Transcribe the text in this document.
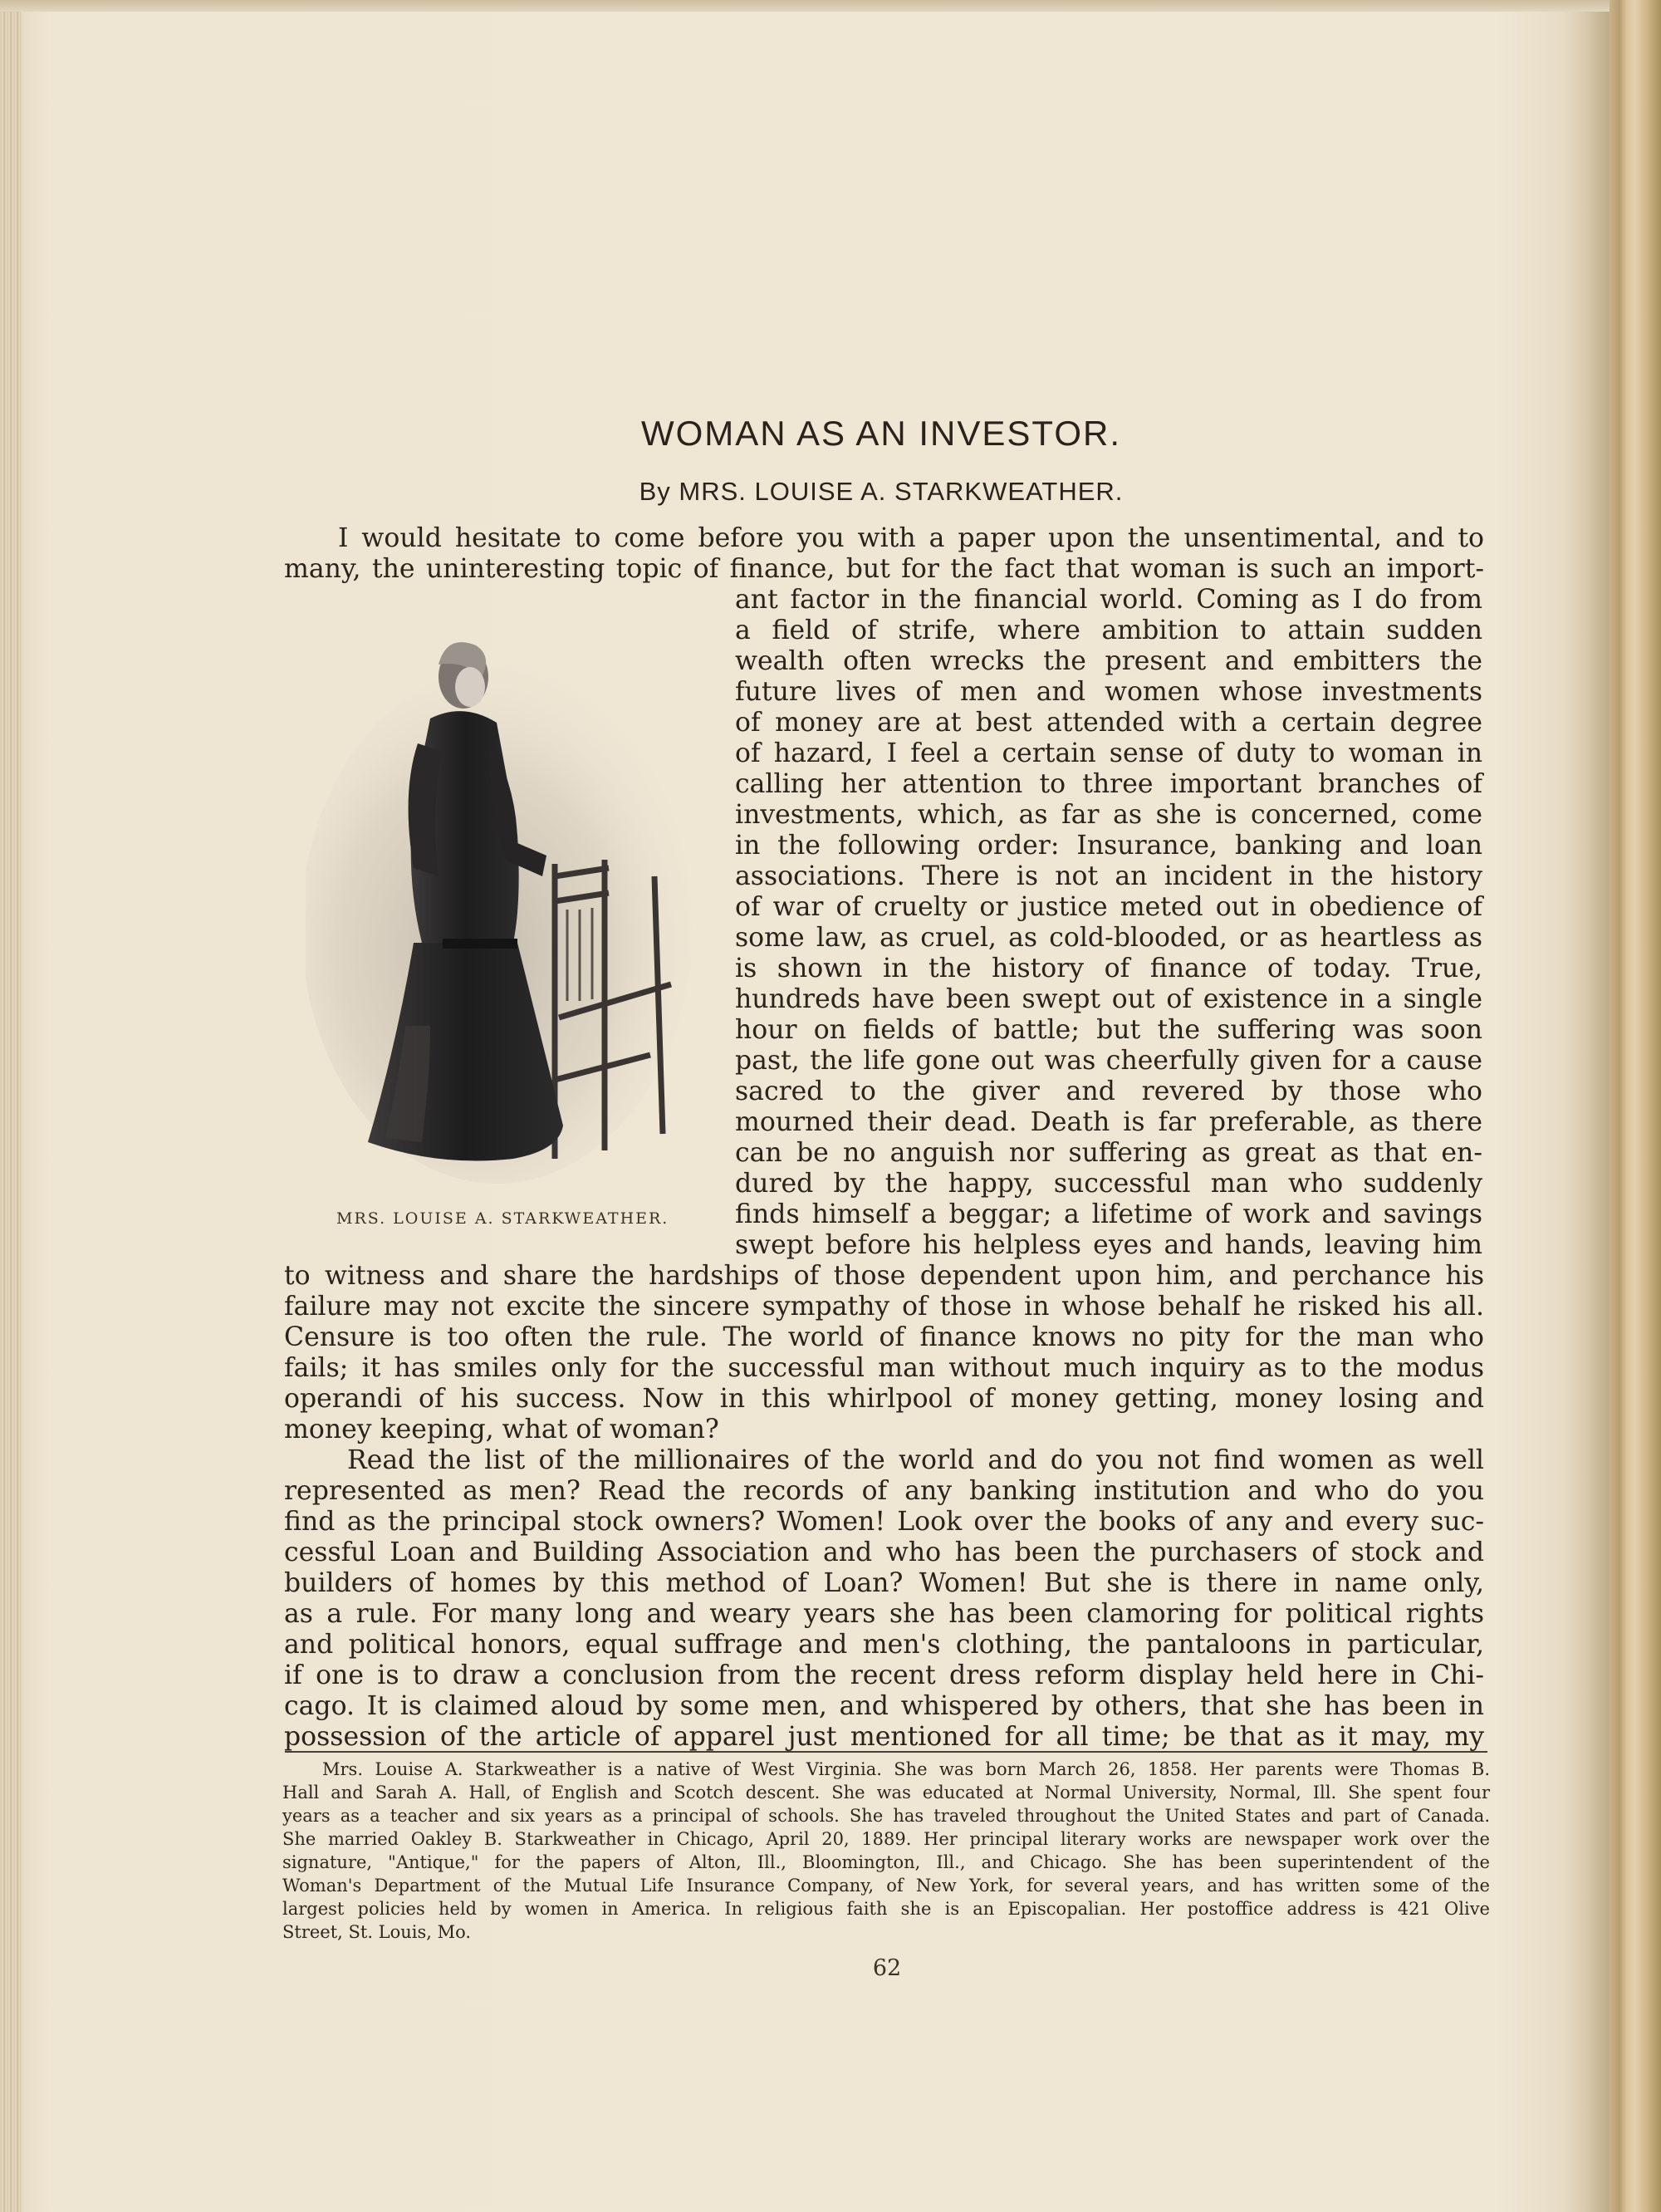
WOMAN AS AN INVESTOR.
By MRS. LOUISE A. STARKWEATHER.
I would hesitate to come before you with a paper upon the unsentimental, and to
many, the uninteresting topic of finance, but for the fact that woman is such an import-
MRS. LOUISE A. STARKWEATHER.
ant factor in the financial world. Coming as I do from
a field of strife, where ambition to attain sudden
wealth often wrecks the present and embitters the
future lives of men and women whose investments
of money are at best attended with a certain degree
of hazard, I feel a certain sense of duty to woman in
calling her attention to three important branches of
investments, which, as far as she is concerned, come
in the following order: Insurance, banking and loan
associations. There is not an incident in the history
of war of cruelty or justice meted out in obedience of
some law, as cruel, as cold-blooded, or as heartless as
is shown in the history of finance of today. True,
hundreds have been swept out of existence in a single
hour on fields of battle; but the suffering was soon
past, the life gone out was cheerfully given for a cause
sacred to the giver and revered by those who
mourned their dead. Death is far preferable, as there
can be no anguish nor suffering as great as that en-
dured by the happy, successful man who suddenly
finds himself a beggar; a lifetime of work and savings
swept before his helpless eyes and hands, leaving him
to witness and share the hardships of those dependent upon him, and perchance his
failure may not excite the sincere sympathy of those in whose behalf he risked his all.
Censure is too often the rule. The world of finance knows no pity for the man who
fails; it has smiles only for the successful man without much inquiry as to the modus
operandi of his success. Now in this whirlpool of money getting, money losing and
money keeping, what of woman?
Read the list of the millionaires of the world and do you not find women as well
represented as men? Read the records of any banking institution and who do you
find as the principal stock owners? Women! Look over the books of any and every suc-
cessful Loan and Building Association and who has been the purchasers of stock and
builders of homes by this method of Loan? Women! But she is there in name only,
as a rule. For many long and weary years she has been clamoring for political rights
and political honors, equal suffrage and men's clothing, the pantaloons in particular,
if one is to draw a conclusion from the recent dress reform display held here in Chi-
cago. It is claimed aloud by some men, and whispered by others, that she has been in
possession of the article of apparel just mentioned for all time; be that as it may, my
Mrs. Louise A. Starkweather is a native of West Virginia. She was born March 26, 1858. Her parents were Thomas B.
Hall and Sarah A. Hall, of English and Scotch descent. She was educated at Normal University, Normal, Ill. She spent four
years as a teacher and six years as a principal of schools. She has traveled throughout the United States and part of Canada.
She married Oakley B. Starkweather in Chicago, April 20, 1889. Her principal literary works are newspaper work over the
signature, "Antique," for the papers of Alton, Ill., Bloomington, Ill., and Chicago. She has been superintendent of the
Woman's Department of the Mutual Life Insurance Company, of New York, for several years, and has written some of the
largest policies held by women in America. In religious faith she is an Episcopalian. Her postoffice address is 421 Olive
Street, St. Louis, Mo.
62
